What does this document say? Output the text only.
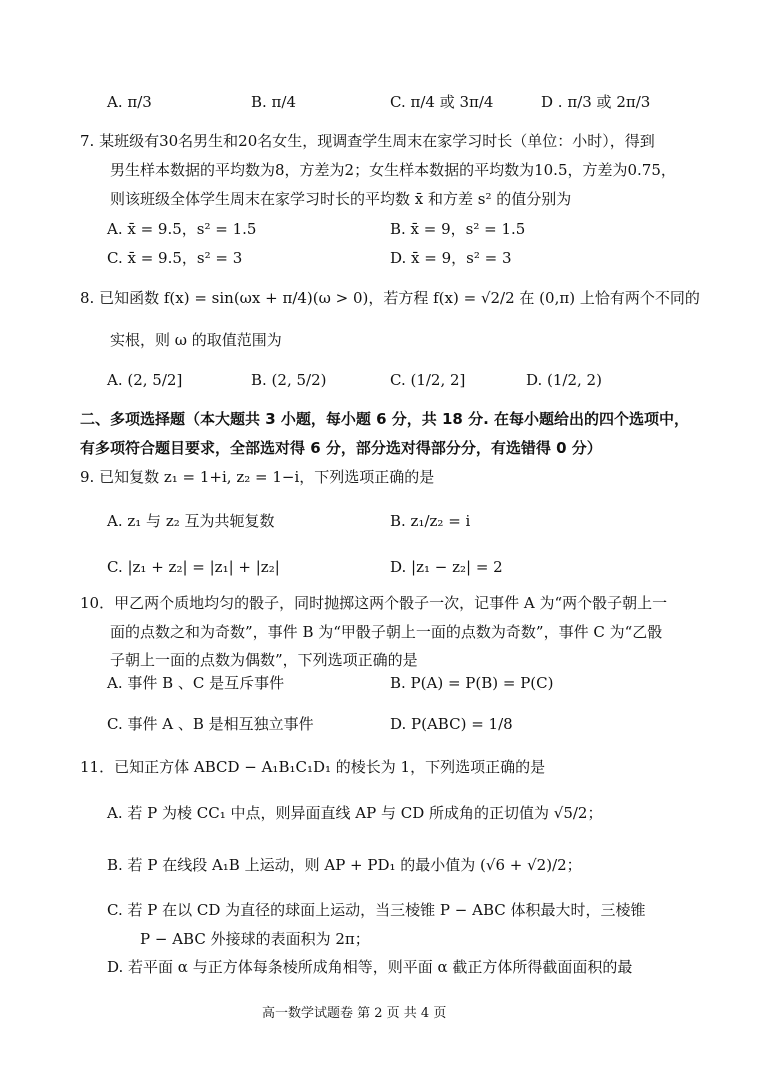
A. π/3	B. π/4	C. π/4 或 3π/4	D . π/3 或 2π/3
7. 某班级有30名男生和20名女生，现调查学生周末在家学习时长（单位：小时），得到
男生样本数据的平均数为8，方差为2；女生样本数据的平均数为10.5，方差为0.75，
则该班级全体学生周末在家学习时长的平均数 x̄ 和方差 s² 的值分别为
A. x̄ = 9.5，s² = 1.5	B. x̄ = 9，s² = 1.5
C. x̄ = 9.5，s² = 3	D. x̄ = 9，s² = 3
8. 已知函数 f(x) = sin(ωx + π/4)(ω > 0)，若方程 f(x) = √2/2 在 (0,π) 上恰有两个不同的
实根，则 ω 的取值范围为
A. (2, 5/2]	B. (2, 5/2)	C. (1/2, 2]	D. (1/2, 2)
二、多项选择题（本大题共 3 小题，每小题 6 分，共 18 分. 在每小题给出的四个选项中，
有多项符合题目要求，全部选对得 6 分，部分选对得部分分，有选错得 0 分）
9. 已知复数 z₁ = 1+i, z₂ = 1−i，下列选项正确的是
A. z₁ 与 z₂ 互为共轭复数	B. z₁/z₂ = i
C. |z₁ + z₂| = |z₁| + |z₂|	D. |z₁ − z₂| = 2
10．甲乙两个质地均匀的骰子，同时抛掷这两个骰子一次，记事件 A 为“两个骰子朝上一
面的点数之和为奇数”，事件 B 为“甲骰子朝上一面的点数为奇数”，事件 C 为“乙骰
子朝上一面的点数为偶数”，下列选项正确的是
A. 事件 B 、C 是互斥事件	B. P(A) = P(B) = P(C)
C. 事件 A 、B 是相互独立事件	D. P(ABC) = 1/8
11．已知正方体 ABCD − A₁B₁C₁D₁ 的棱长为 1，下列选项正确的是
A. 若 P 为棱 CC₁ 中点，则异面直线 AP 与 CD 所成角的正切值为 √5/2；
B. 若 P 在线段 A₁B 上运动，则 AP + PD₁ 的最小值为 (√6 + √2)/2；
C. 若 P 在以 CD 为直径的球面上运动，当三棱锥 P − ABC 体积最大时，三棱锥
P − ABC 外接球的表面积为 2π；
D. 若平面 α 与正方体每条棱所成角相等，则平面 α 截正方体所得截面面积的最
高一数学试题卷 第 2 页 共 4 页
